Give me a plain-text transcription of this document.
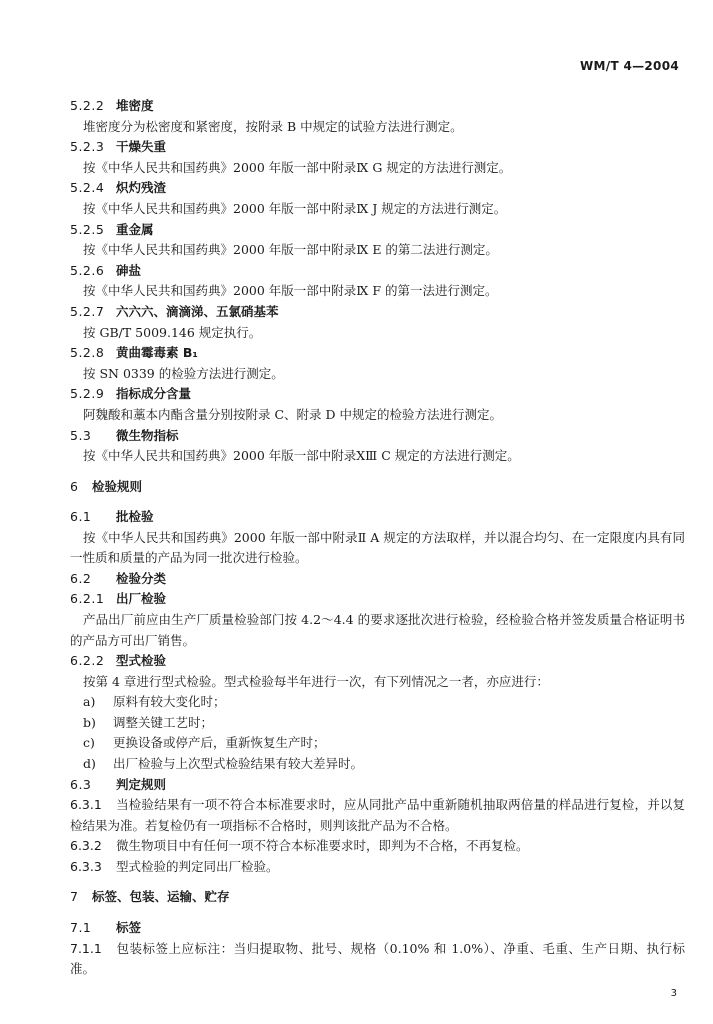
WM/T 4—2004
5.2.2 堆密度
堆密度分为松密度和紧密度，按附录 B 中规定的试验方法进行测定。
5.2.3 干燥失重
按《中华人民共和国药典》2000 年版一部中附录Ⅸ G 规定的方法进行测定。
5.2.4 炽灼残渣
按《中华人民共和国药典》2000 年版一部中附录Ⅸ J 规定的方法进行测定。
5.2.5 重金属
按《中华人民共和国药典》2000 年版一部中附录Ⅸ E 的第二法进行测定。
5.2.6 砷盐
按《中华人民共和国药典》2000 年版一部中附录Ⅸ F 的第一法进行测定。
5.2.7 六六六、滴滴涕、五氯硝基苯
按 GB/T 5009.146 规定执行。
5.2.8 黄曲霉毒素 B₁
按 SN 0339 的检验方法进行测定。
5.2.9 指标成分含量
阿魏酸和藁本内酯含量分别按附录 C、附录 D 中规定的检验方法进行测定。
5.3 微生物指标
按《中华人民共和国药典》2000 年版一部中附录ⅩⅢ C 规定的方法进行测定。
6 检验规则
6.1 批检验
按《中华人民共和国药典》2000 年版一部中附录Ⅱ A 规定的方法取样，并以混合均匀、在一定限度内具有同一性质和质量的产品为同一批次进行检验。
6.2 检验分类
6.2.1 出厂检验
产品出厂前应由生产厂质量检验部门按 4.2～4.4 的要求逐批次进行检验，经检验合格并签发质量合格证明书的产品方可出厂销售。
6.2.2 型式检验
按第 4 章进行型式检验。型式检验每半年进行一次，有下列情况之一者，亦应进行：
a) 原料有较大变化时；
b) 调整关键工艺时；
c) 更换设备或停产后，重新恢复生产时；
d) 出厂检验与上次型式检验结果有较大差异时。
6.3 判定规则
6.3.1 当检验结果有一项不符合本标准要求时，应从同批产品中重新随机抽取两倍量的样品进行复检，并以复检结果为准。若复检仍有一项指标不合格时，则判该批产品为不合格。
6.3.2 微生物项目中有任何一项不符合本标准要求时，即判为不合格，不再复检。
6.3.3 型式检验的判定同出厂检验。
7 标签、包装、运输、贮存
7.1 标签
7.1.1 包装标签上应标注：当归提取物、批号、规格（0.10% 和 1.0%）、净重、毛重、生产日期、执行标准。
3
